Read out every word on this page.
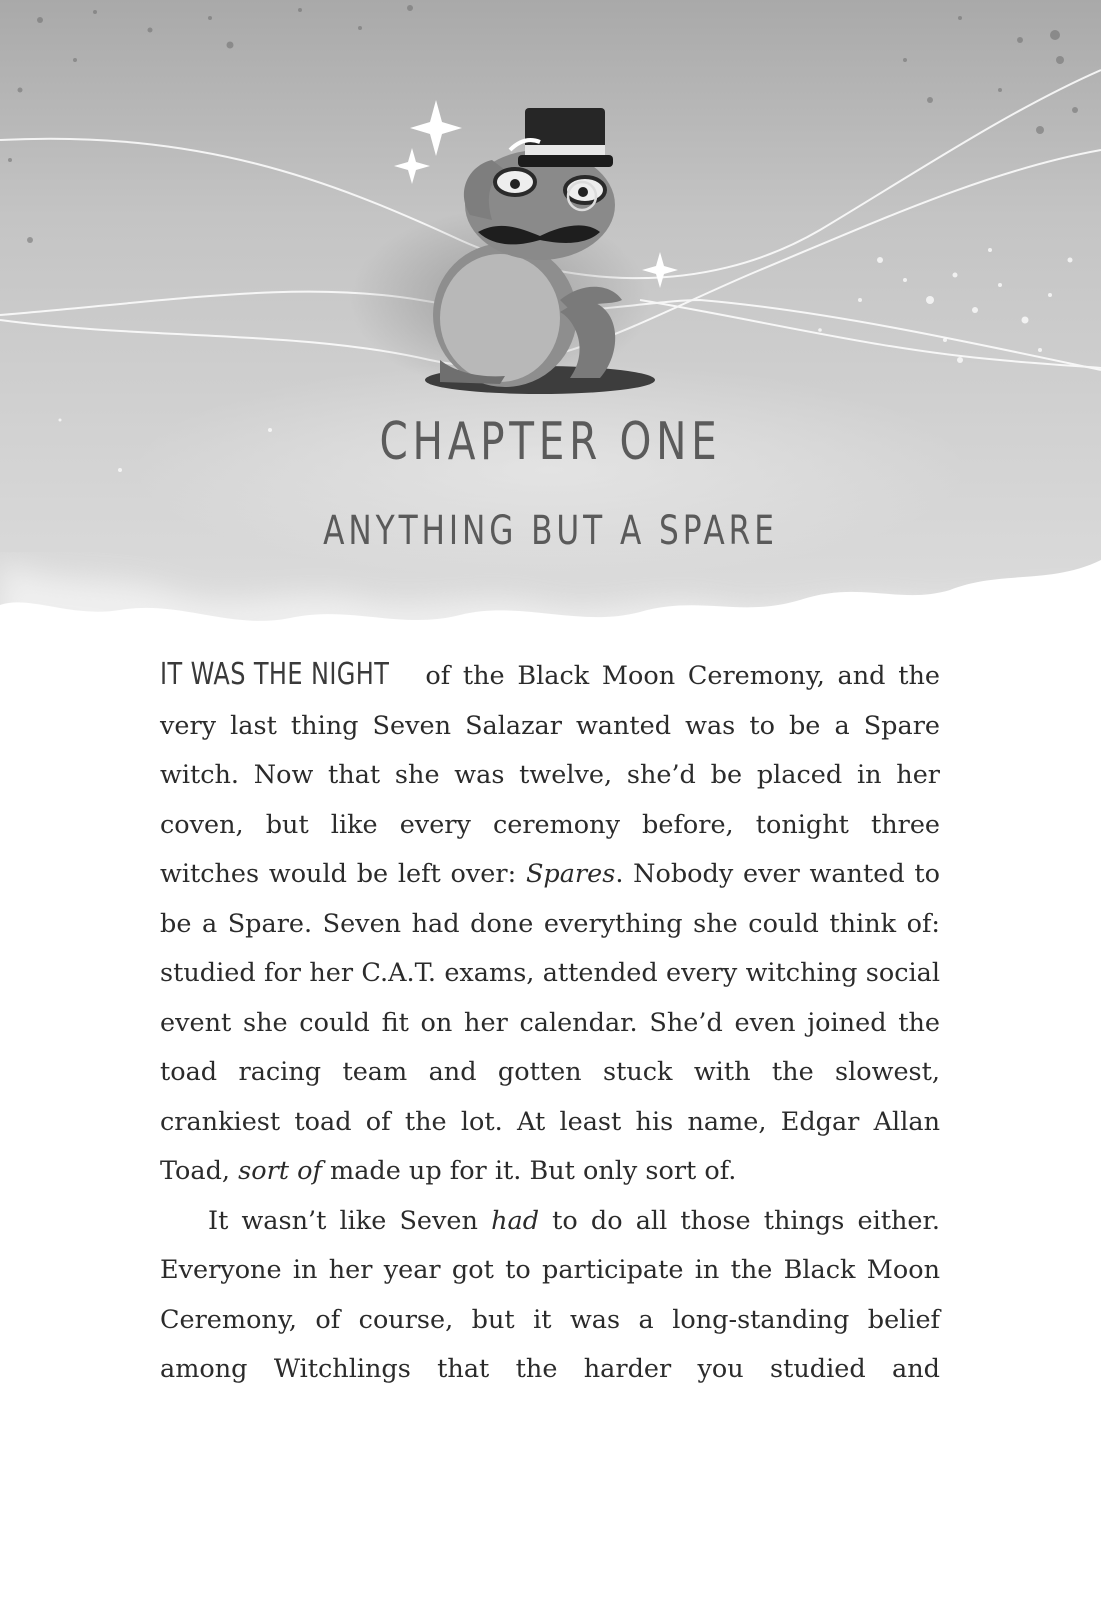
CHAPTER ONE
ANYTHING BUT A SPARE

IT WAS THE NIGHT of the Black Moon Ceremony, and the very last thing Seven Salazar wanted was to be a Spare witch. Now that she was twelve, she’d be placed in her coven, but like every ceremony before, tonight three witches would be left over: Spares. Nobody ever wanted to be a Spare. Seven had done everything she could think of: studied for her C.A.T. exams, attended every witching social event she could fit on her calendar. She’d even joined the toad racing team and gotten stuck with the slowest, crankiest toad of the lot. At least his name, Edgar Allan Toad, sort of made up for it. But only sort of.

It wasn’t like Seven had to do all those things either. Everyone in her year got to participate in the Black Moon Ceremony, of course, but it was a long-standing belief among Witchlings that the harder you studied and
